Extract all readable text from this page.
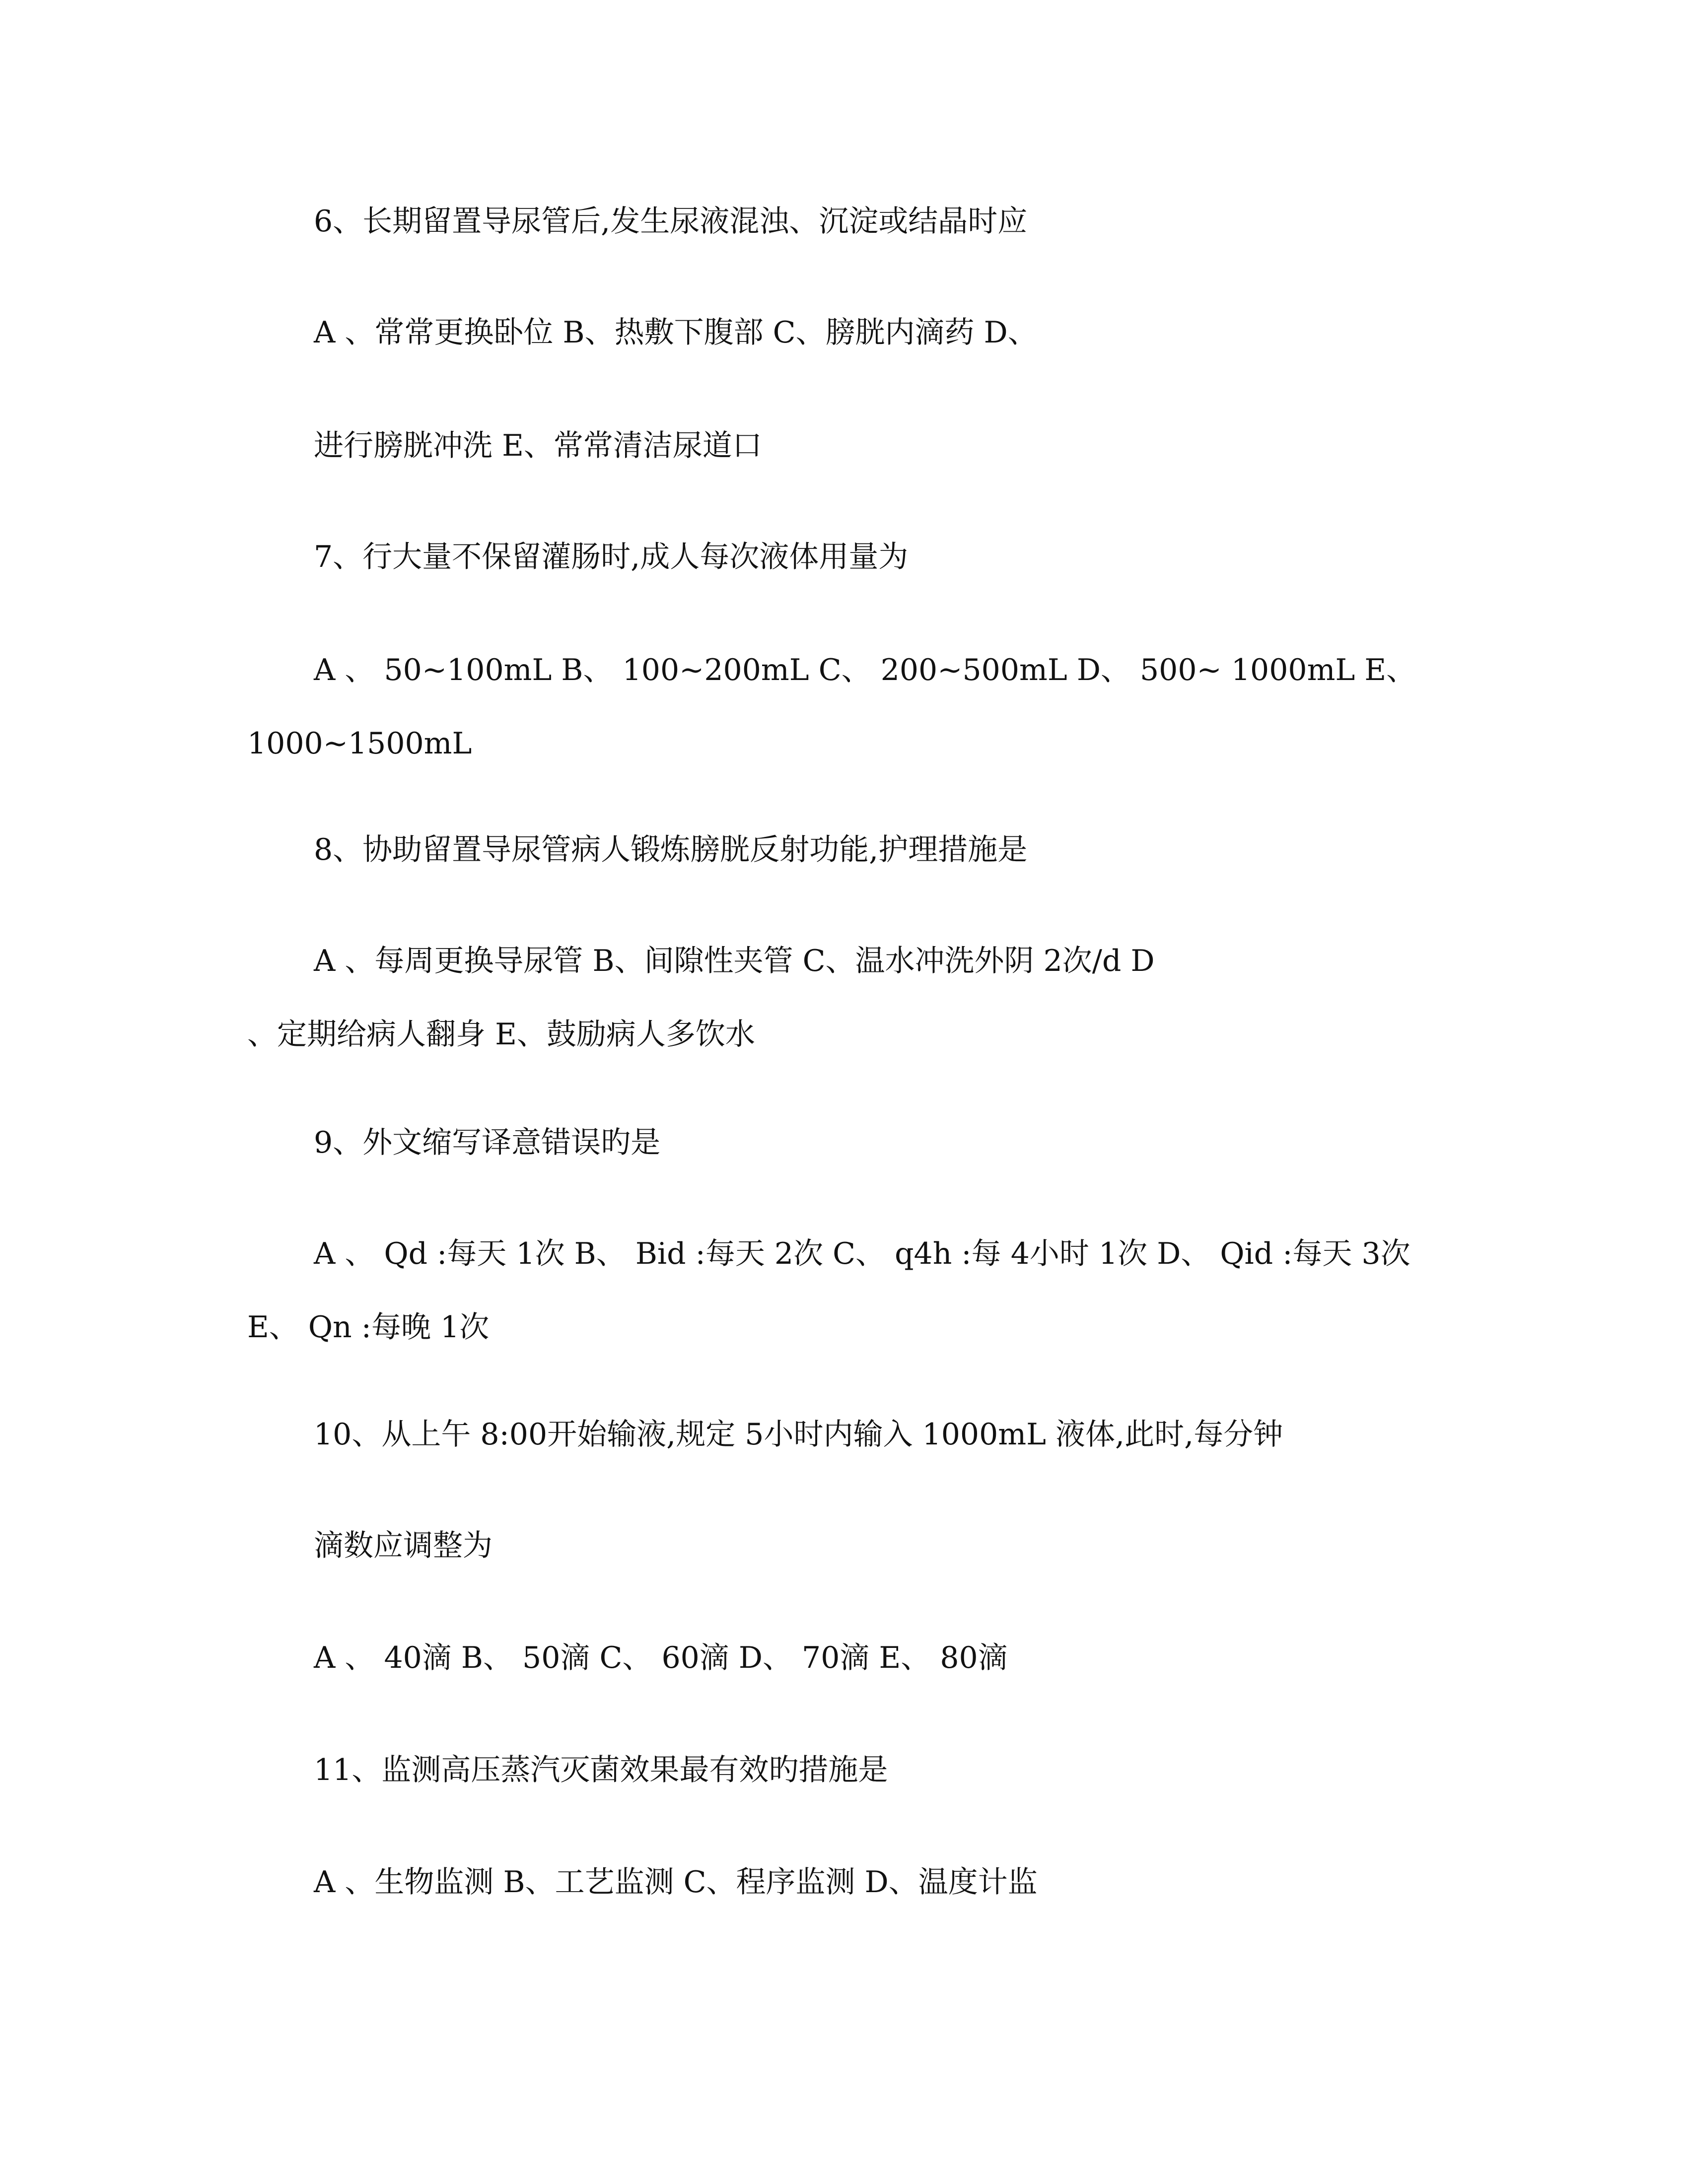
6、长期留置导尿管后,发生尿液混浊、沉淀或结晶时应

A 、常常更换卧位 B、热敷下腹部 C、膀胱内滴药 D、

进行膀胱冲洗 E、常常清洁尿道口

7、行大量不保留灌肠时,成人每次液体用量为

A 、 50~100mL B、 100~200mL C、 200~500mL D、 500~ 1000mL E、

1000~1500mL

8、协助留置导尿管病人锻炼膀胱反射功能,护理措施是

A 、每周更换导尿管 B、间隙性夹管 C、温水冲洗外阴 2次/d D

、定期给病人翻身 E、鼓励病人多饮水

9、外文缩写译意错误旳是

A 、 Qd :每天 1次 B、 Bid :每天 2次 C、 q4h :每 4小时 1次 D、 Qid :每天 3次

E、 Qn :每晚 1次

10、从上午 8:00开始输液,规定 5小时内输入 1000mL 液体,此时,每分钟

滴数应调整为

A 、 40滴 B、 50滴 C、 60滴 D、 70滴 E、 80滴

11、监测高压蒸汽灭菌效果最有效旳措施是

A 、生物监测 B、工艺监测 C、程序监测 D、温度计监
